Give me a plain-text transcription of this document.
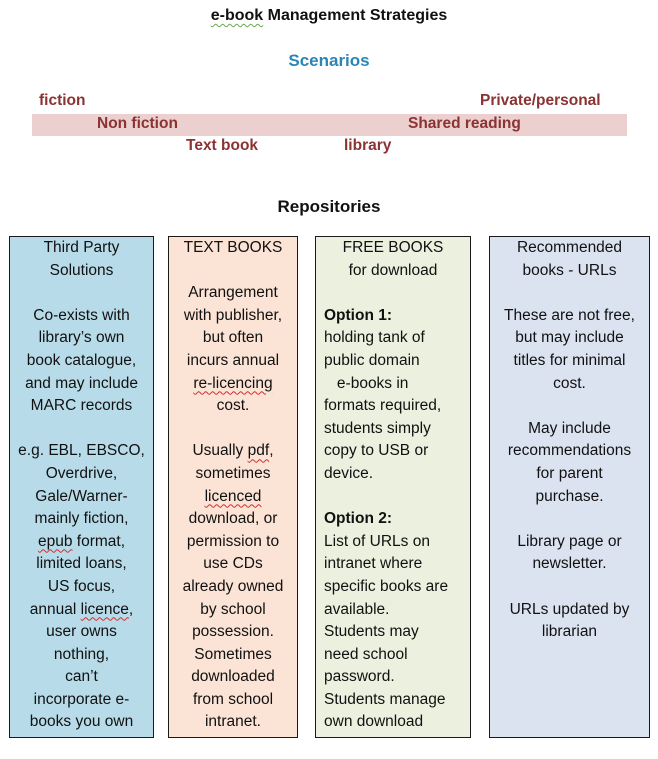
e-book Management Strategies
Scenarios
fiction	Private/personal
Non fiction	Shared reading
Text book	library
Repositories
Third Party
Solutions
Co-exists with
library’s own
book catalogue,
and may include
MARC records
e.g. EBL, EBSCO,
Overdrive,
Gale/Warner-
mainly fiction,
epub format,
limited loans,
US focus,
annual licence,
user owns
nothing,
can’t
incorporate e-
books you own
TEXT BOOKS
Arrangement
with publisher,
but often
incurs annual
re-licencing
cost.
Usually pdf,
sometimes
licenced
download, or
permission to
use CDs
already owned
by school
possession.
Sometimes
downloaded
from school
intranet.
FREE BOOKS
for download
Option 1:
holding tank of
public domain
e-books in
formats required,
students simply
copy to USB or
device.
Option 2:
List of URLs on
intranet where
specific books are
available.
Students may
need school
password.
Students manage
own download
Recommended
books - URLs
These are not free,
but may include
titles for minimal
cost.
May include
recommendations
for parent
purchase.
Library page or
newsletter.
URLs updated by
librarian
